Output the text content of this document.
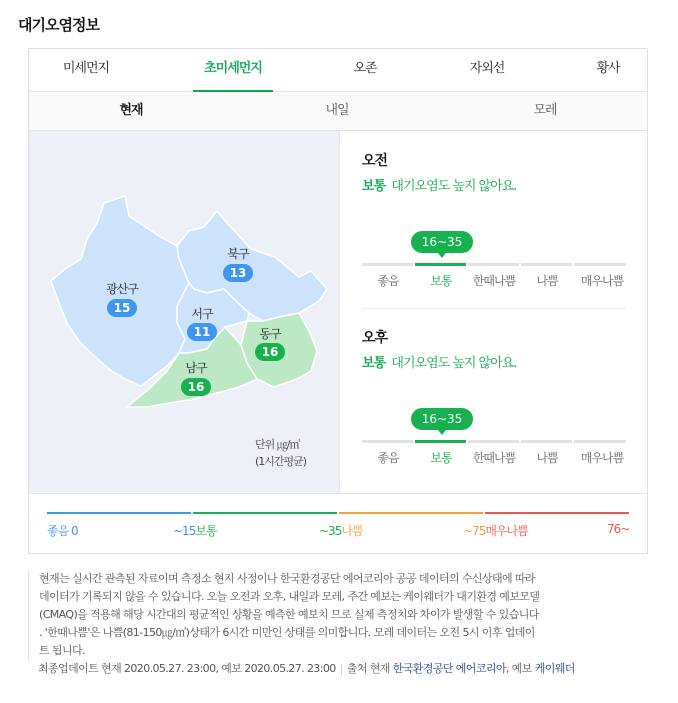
대기오염정보
미세먼지	초미세먼지	오존	자외선	황사
현재	내일	모레
광산구
15
북구
13
서구
11	동구
16
남구
16
단위 ㎍/㎥
(1시간평균)
오전
보통 대기오염도 높지 않아요.
16~35
좋음	보통	한때나쁨	나쁨	매우나쁨
오후
보통 대기오염도 높지 않아요.
16~35
좋음	보통	한때나쁨	나쁨	매우나쁨
좋음 0	~15보통	~35나쁨	~75매우나쁨	76~

현재는 실시간 관측된 자료이며 측정소 현지 사정이나 한국환경공단 에어코리아 공공 데이터의 수신상태에 따라

데이터가 기록되지 않을 수 있습니다. 오늘 오전과 오후, 내일과 모레, 주간 예보는 케이웨더가 대기환경 예보모델

(CMAQ)을 적용해 해당 시간대의 평균적인 상황을 예측한 예보치 므로 실제 측정치와 차이가 발생할 수 있습니다

. '한때나쁨'은 나쁨(81-150㎍/㎥)상태가 6시간 미만인 상태를 의미합니다. 모레 데이터는 오전 5시 이후 업데이

트 됩니다.

최종업데이트 현재 2020.05.27. 23:00, 예보 2020.05.27. 23:00 | 출처 현재 한국환경공단 에어코리아, 예보 케이웨더
